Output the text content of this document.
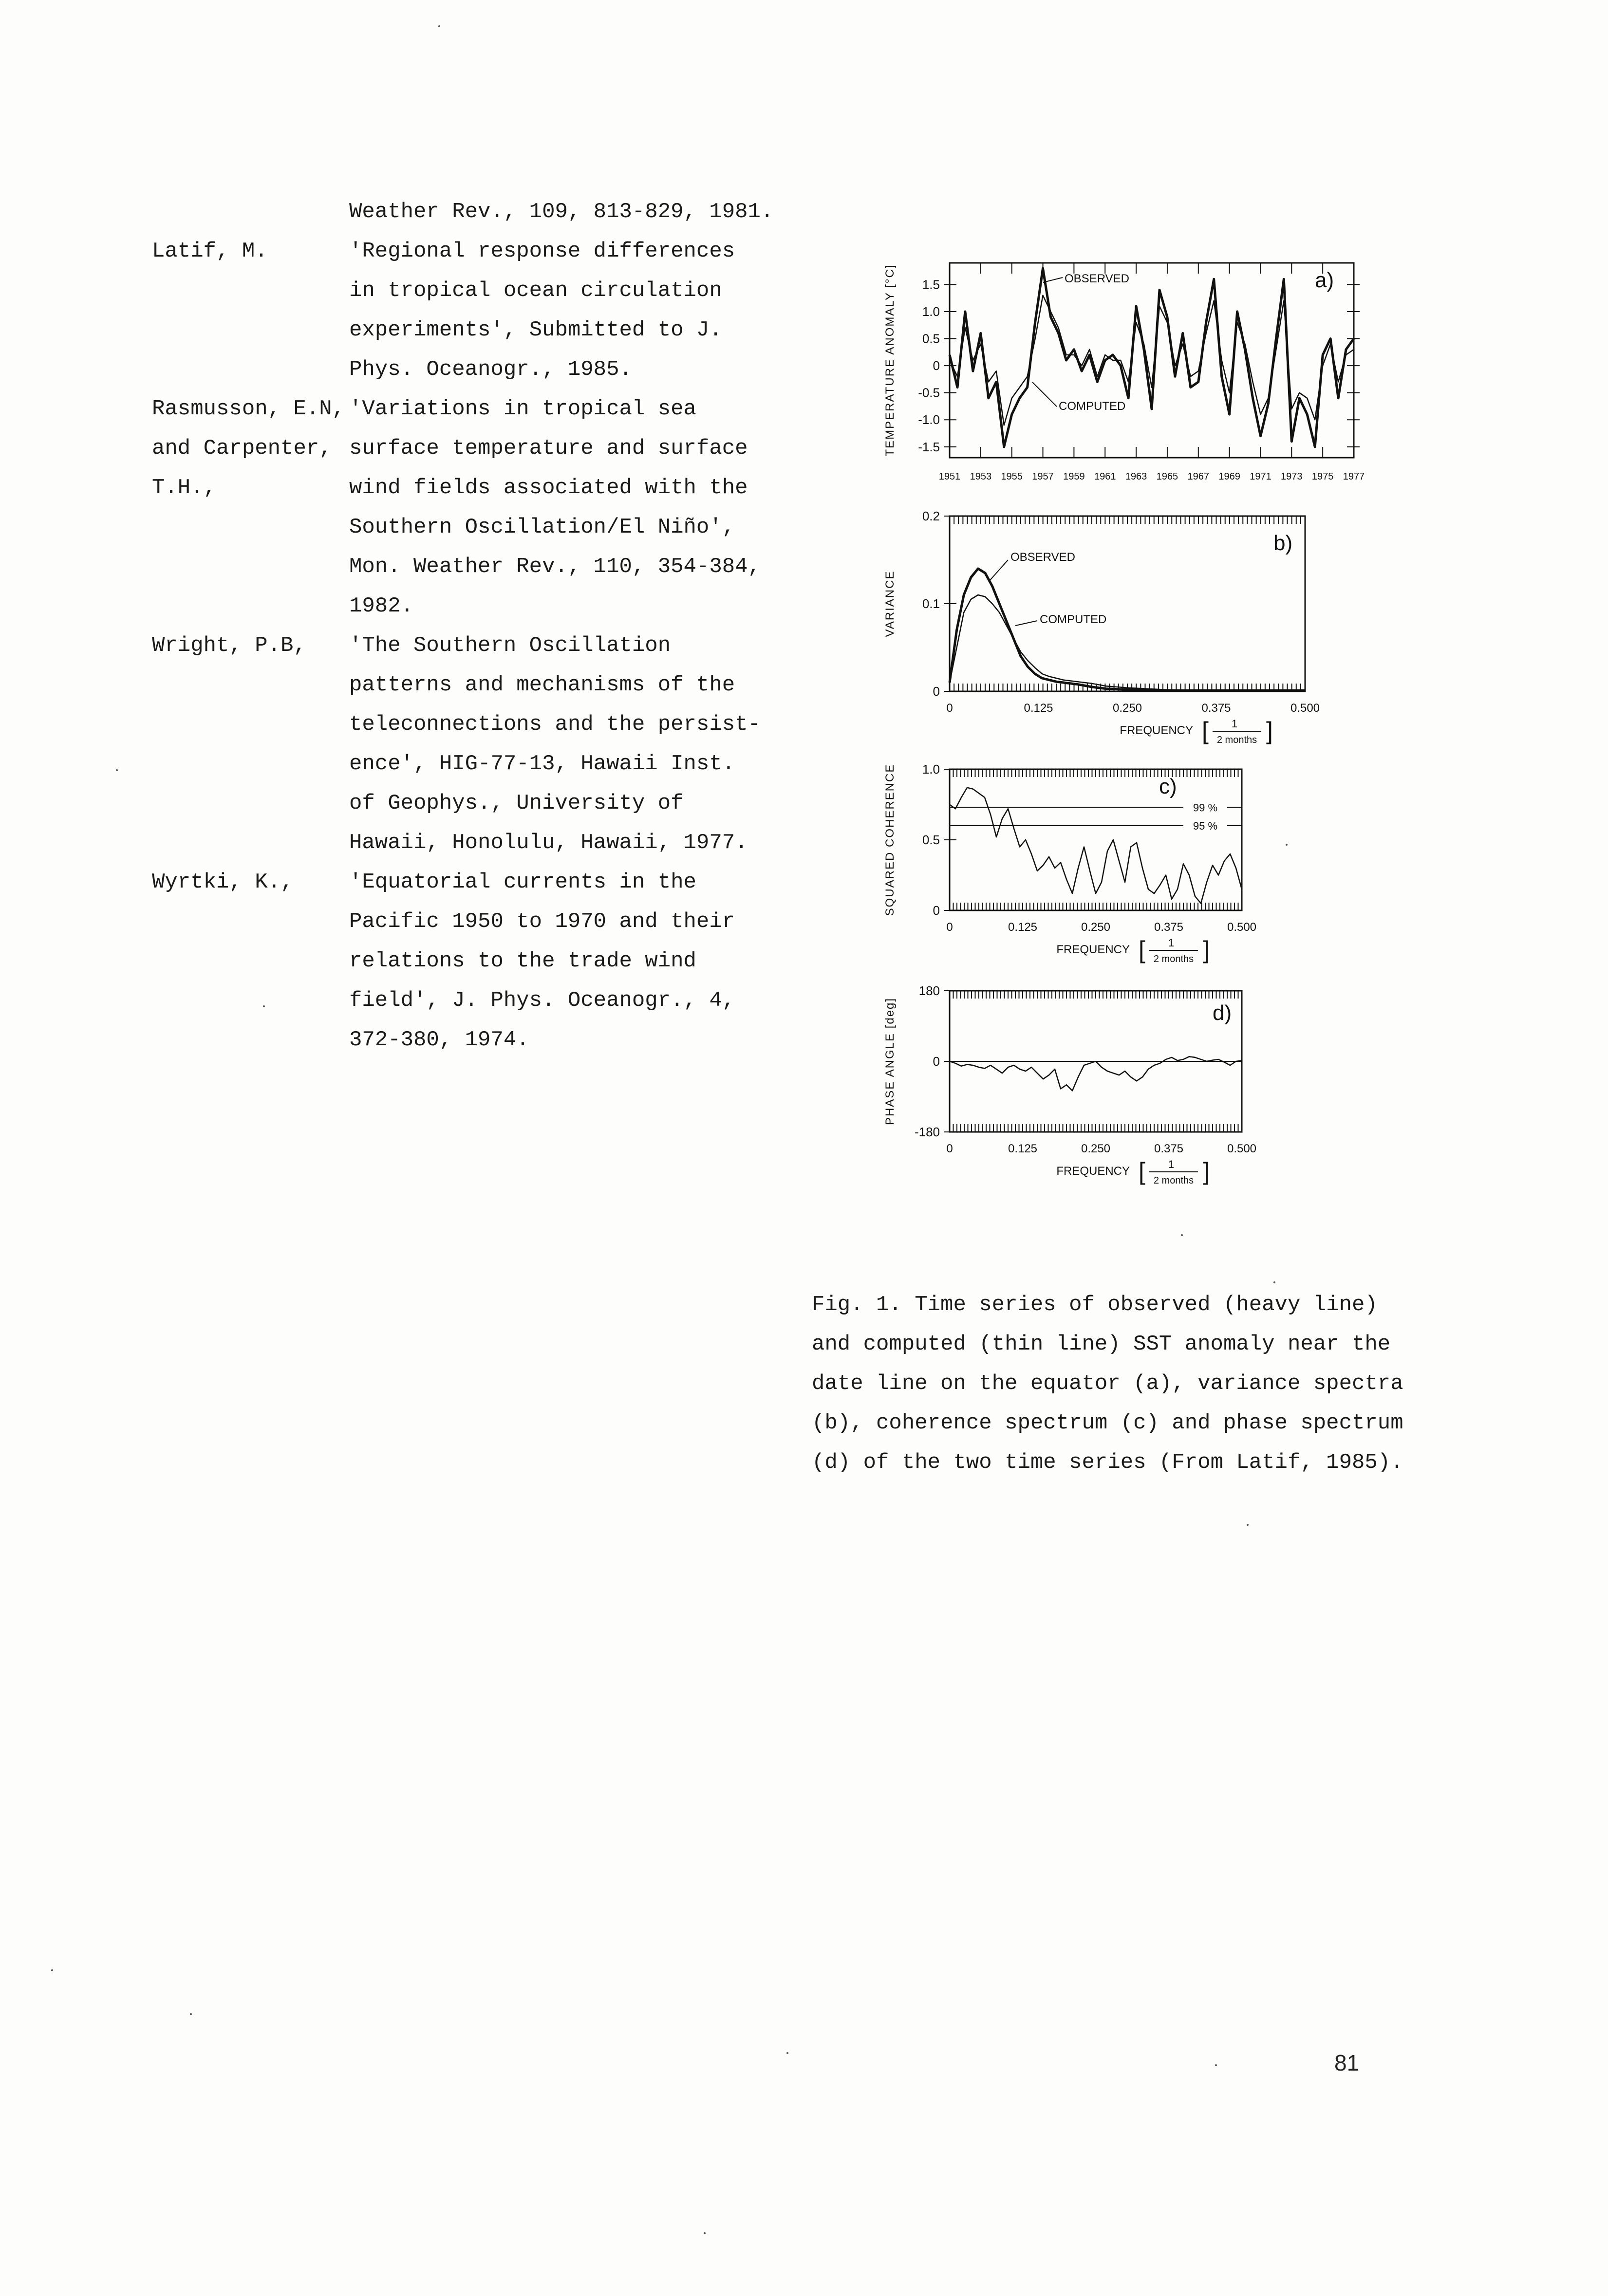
Weather Rev., 109, 813-829, 1981.
Latif, M.	'Regional response differences
in tropical ocean circulation
experiments', Submitted to J.
Phys. Oceanogr., 1985.
Rasmusson, E.N, 'Variations in tropical sea
and Carpenter, surface temperature and surface
T.H.,	wind fields associated with the
Southern Oscillation/El Niño',
Mon. Weather Rev., 110, 354-384,
1982.
Wright, P.B, 'The Southern Oscillation
patterns and mechanisms of the
teleconnections and the persist-
ence', HIG-77-13, Hawaii Inst.
of Geophys., University of
Hawaii, Honolulu, Hawaii, 1977.
Wyrtki, K.,	'Equatorial currents in the
Pacific 1950 to 1970 and their
relations to the trade wind
field', J. Phys. Oceanogr., 4,
372-380, 1974.
a)
1.5
1.0
0.5
0
-0.5
-1.0
-1.5
1951 1953 1955 1957 1959 1961 1963 1965 1967 1969 1971 1973 1975 1977
TEMPERATURE ANOMALY [°C]	OBSERVED
COMPUTED
b)
0.2
0.1
0
0	0.125	0.250	0.375	0.500
FREQUENCY [ 1
2 months ]
VARIANCE
OBSERVED
COMPUTED
c)
1.0
0.5
0
0	0.125	0.250	0.375	0.500
FREQUENCY [ 1
2 months ]
SQUARED COHERENCE	99 %
95 %
d)
180
0
-180
0	0.125	0.250	0.375	0.500
FREQUENCY [ 1
2 months ]
PHASE ANGLE [deg]
Fig. 1. Time series of observed (heavy line)
and computed (thin line) SST anomaly near the
date line on the equator (a), variance spectra
(b), coherence spectrum (c) and phase spectrum
(d) of the two time series (From Latif, 1985).
81
